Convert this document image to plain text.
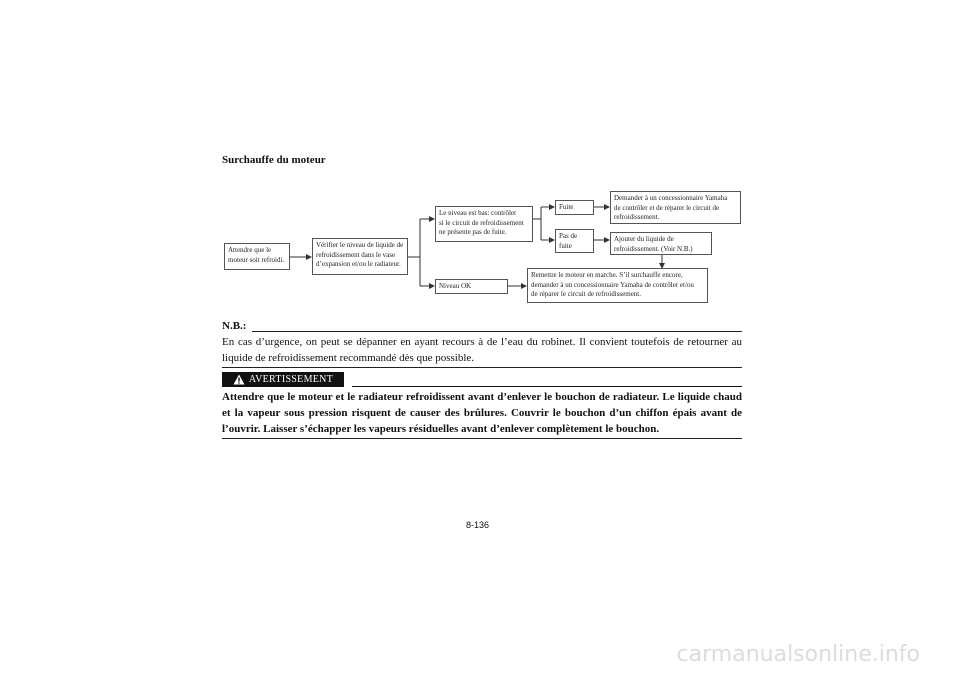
Surchauffe du moteur
Attendre que le
moteur soit refroidi.
Vérifier le niveau de liquide de
refroidissement dans le vase
d’expansion et/ou le radiateur.
Le niveau est bas: contrôler
si le circuit de refroidissement
ne présente pas de fuite.
Niveau OK
Fuite
Pas de
fuite
Demander à un concessionnaire Yamaha
de contrôler et de réparer le circuit de
refroidissement.
Ajouter du liquide de
refroidissement. (Voir N.B.)
Remettre le moteur en marche. S’il surchauffe encore,
demander à un concessionnaire Yamaha de contrôler et/ou
de réparer le circuit de refroidissement.
N.B.:
En cas d’urgence, on peut se dépanner en ayant recours à de l’eau du robinet. Il convient toutefois de retourner au liquide de refroidissement recommandé dès que possible.
AVERTISSEMENT
Attendre que le moteur et le radiateur refroidissent avant d’enlever le bouchon de radiateur. Le liquide chaud et la vapeur sous pression risquent de causer des brûlures. Couvrir le bouchon d’un chiffon épais avant de l’ouvrir. Laisser s’échapper les vapeurs résiduelles avant d’enlever complètement le bouchon.
8-136
carmanualsonline.info
